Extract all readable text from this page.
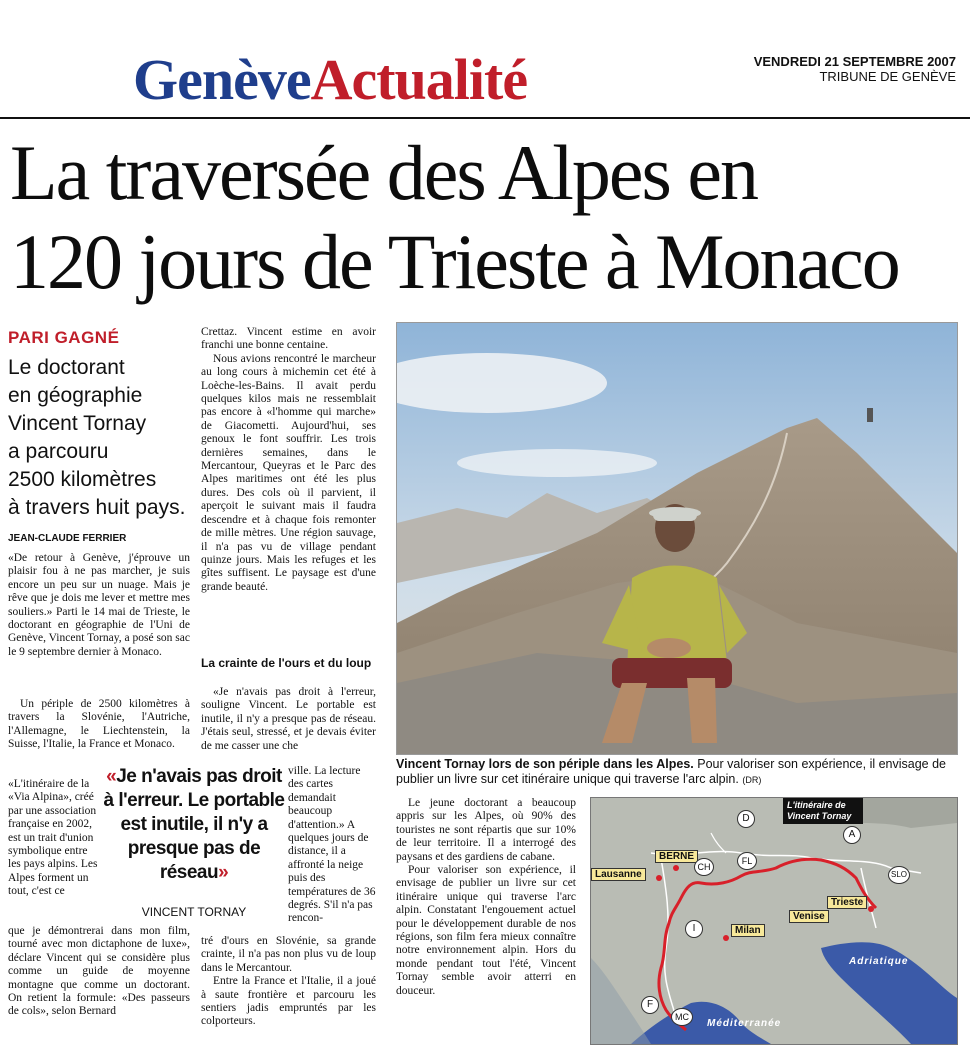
GenèveActualité	VENDREDI 21 SEPTEMBRE 2007
TRIBUNE DE GENÈVE
La traversée des Alpes en
120 jours de Trieste à Monaco
PARI GAGNÉ
Le doctorant
en géographie
Vincent Tornay
a parcouru
2500 kilomètres
à travers huit pays.
JEAN-CLAUDE FERRIER

«De retour à Genève, j'éprouve un plaisir fou à ne pas marcher, je suis encore un peu sur un nuage. Mais je rêve que je dois me lever et mettre mes souliers.» Parti le 14 mai de Trieste, le doctorant en géographie de l'Uni de Genève, Vincent Tornay, a posé son sac le 9 septembre dernier à Monaco.

Un périple de 2500 kilomètres à travers la Slovénie, l'Autriche, l'Allemagne, le Liechtenstein, la Suisse, l'Italie, la France et Monaco.
«L'itinéraire de la «Via Alpina», créé par une association française en 2002, est un trait d'union symbolique entre les pays alpins. Les Alpes forment un tout, c'est ce

que je démontrerai dans mon film, tourné avec mon dictaphone de luxe», déclare Vincent qui se considère plus comme un guide de moyenne montagne que comme un doctorant. On retient la formule: «Des passeurs de cols», selon Bernard

«Je n'avais pas droit à l'erreur. Le portable est inutile, il n'y a presque pas de réseau»
VINCENT TORNAY

Crettaz. Vincent estime en avoir franchi une bonne centaine.

Nous avions rencontré le marcheur au long cours à michemin cet été à Loèche-les-Bains. Il avait perdu quelques kilos mais ne ressemblait pas encore à «l'homme qui marche» de Giacometti. Aujourd'hui, ses genoux le font souffrir. Les trois dernières semaines, dans le Mercantour, Queyras et le Parc des Alpes maritimes ont été les plus dures. Des cols où il parvient, il aperçoit le suivant mais il faudra descendre et à chaque fois remonter de mille mètres. Une région sauvage, il n'a pas vu de village pendant quinze jours. Mais les refuges et les gîtes suffisent. Le paysage est d'une grande beauté.

La crainte de l'ours et du loup

«Je n'avais pas droit à l'erreur, souligne Vincent. Le portable est inutile, il n'y a presque pas de réseau. J'étais seul, stressé, et je devais éviter de me casser une che

ville. La lecture des cartes demandait beaucoup d'attention.» A quelques jours de distance, il a affronté la neige puis des températures de 36 degrés. S'il n'a pas rencon-

tré d'ours en Slovénie, sa grande crainte, il n'a pas non plus vu de loup dans le Mercantour.

Entre la France et l'Italie, il a joué à saute frontière et parcouru les sentiers jadis empruntés par les colporteurs.

Vincent Tornay lors de son périple dans les Alpes. Pour valoriser son expérience, il envisage de publier un livre sur cet itinéraire unique qui traverse l'arc alpin. (DR)

Le jeune doctorant a beaucoup appris sur les Alpes, où 90% des touristes ne sont répartis que sur 10% de leur territoire. Il a interrogé des paysans et des gardiens de cabane.

Pour valoriser son expérience, il envisage de publier un livre sur cet itinéraire unique qui traverse l'arc alpin. Constatant l'engouement actuel pour le développement durable de nos régions, son film fera mieux connaître notre environnement alpin. Hors du monde pendant tout l'été, Vincent Tornay semble avoir atterri en douceur.

L'itinéraire de Vincent Tornay
BERNE
Lausanne
Milan
Venise
Trieste
Adriatique
Méditerranée
D
A
CH
FL
SLO
I
F
MC
